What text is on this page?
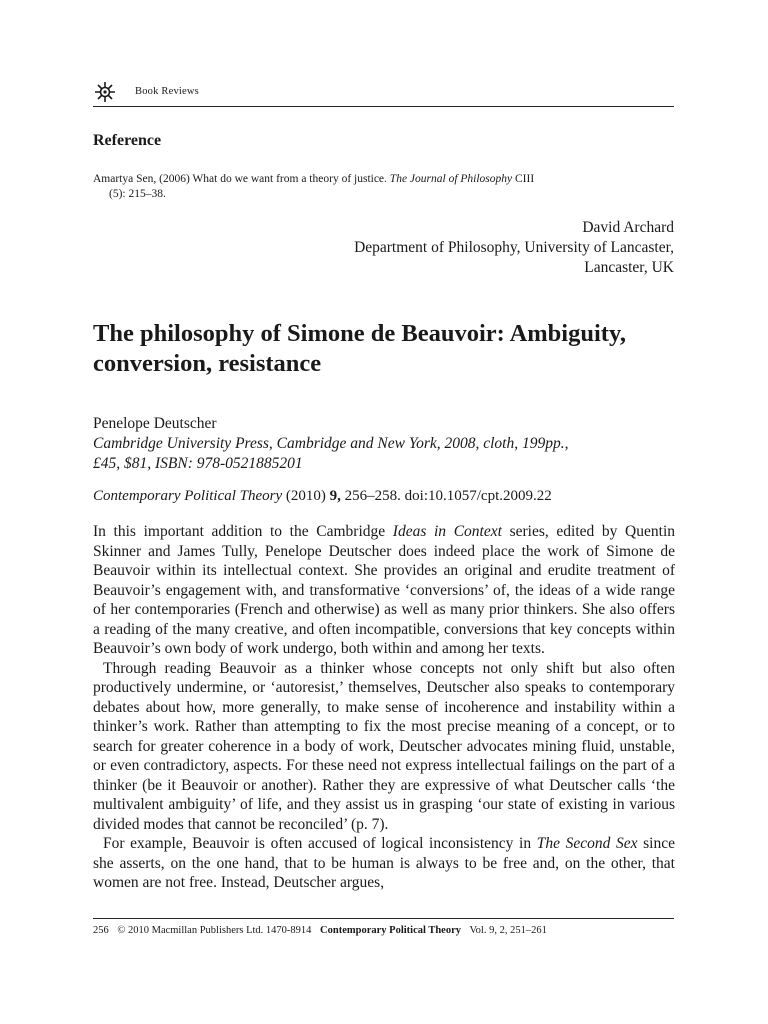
Book Reviews
Reference
Amartya Sen, (2006) What do we want from a theory of justice. The Journal of Philosophy CIII
(5): 215–38.
David Archard
Department of Philosophy, University of Lancaster,
Lancaster, UK
The philosophy of Simone de Beauvoir: Ambiguity, conversion, resistance
Penelope Deutscher
Cambridge University Press, Cambridge and New York, 2008, cloth, 199pp.,
£45, $81, ISBN: 978-0521885201
Contemporary Political Theory (2010) 9, 256–258. doi:10.1057/cpt.2009.22

In this important addition to the Cambridge Ideas in Context series, edited by Quentin Skinner and James Tully, Penelope Deutscher does indeed place the work of Simone de Beauvoir within its intellectual context. She provides an original and erudite treatment of Beauvoir’s engagement with, and transformative ‘conversions’ of, the ideas of a wide range of her contemporaries (French and otherwise) as well as many prior thinkers. She also offers a reading of the many creative, and often incompatible, conversions that key concepts within Beauvoir’s own body of work undergo, both within and among her texts.

Through reading Beauvoir as a thinker whose concepts not only shift but also often productively undermine, or ‘autoresist,’ themselves, Deutscher also speaks to contemporary debates about how, more generally, to make sense of incoherence and instability within a thinker’s work. Rather than attempting to fix the most precise meaning of a concept, or to search for greater coherence in a body of work, Deutscher advocates mining fluid, unstable, or even contradictory, aspects. For these need not express intellectual failings on the part of a thinker (be it Beauvoir or another). Rather they are expressive of what Deutscher calls ‘the multivalent ambiguity’ of life, and they assist us in grasping ‘our state of existing in various divided modes that cannot be reconciled’ (p. 7).

For example, Beauvoir is often accused of logical inconsistency in The Second Sex since she asserts, on the one hand, that to be human is always to be free and, on the other, that women are not free. Instead, Deutscher argues,

256 © 2010 Macmillan Publishers Ltd. 1470-8914 Contemporary Political Theory Vol. 9, 2, 251–261
